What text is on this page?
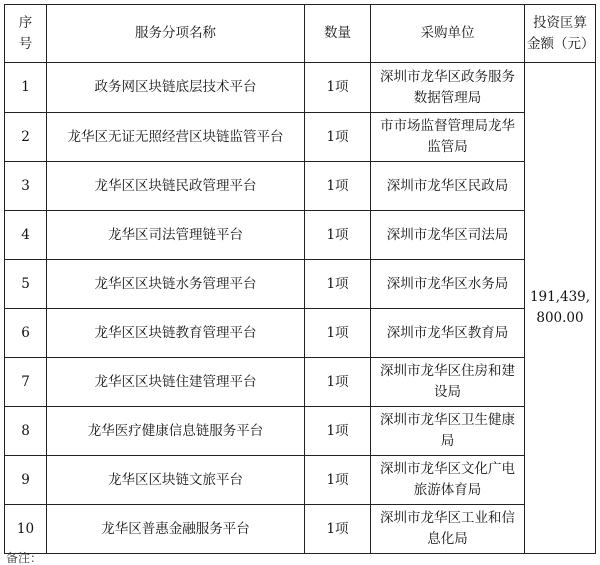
序号	服务分项名称	数量	采购单位	投资匡算金额（元）
1	政务网区块链底层技术平台	1项	深圳市龙华区政务服务数据管理局	191,439,800.00
2	龙华区无证无照经营区块链监管平台	1项	市市场监督管理局龙华监管局	
3	龙华区区块链民政管理平台	1项	深圳市龙华区民政局	
4	龙华区司法管理链平台	1项	深圳市龙华区司法局	
5	龙华区区块链水务管理平台	1项	深圳市龙华区水务局	
6	龙华区区块链教育管理平台	1项	深圳市龙华区教育局	
7	龙华区区块链住建管理平台	1项	深圳市龙华区住房和建设局	
8	龙华医疗健康信息链服务平台	1项	深圳市龙华区卫生健康局	
9	龙华区区块链文旅平台	1项	深圳市龙华区文化广电旅游体育局	
10	龙华区普惠金融服务平台	1项	深圳市龙华区工业和信息化局	
备注：
